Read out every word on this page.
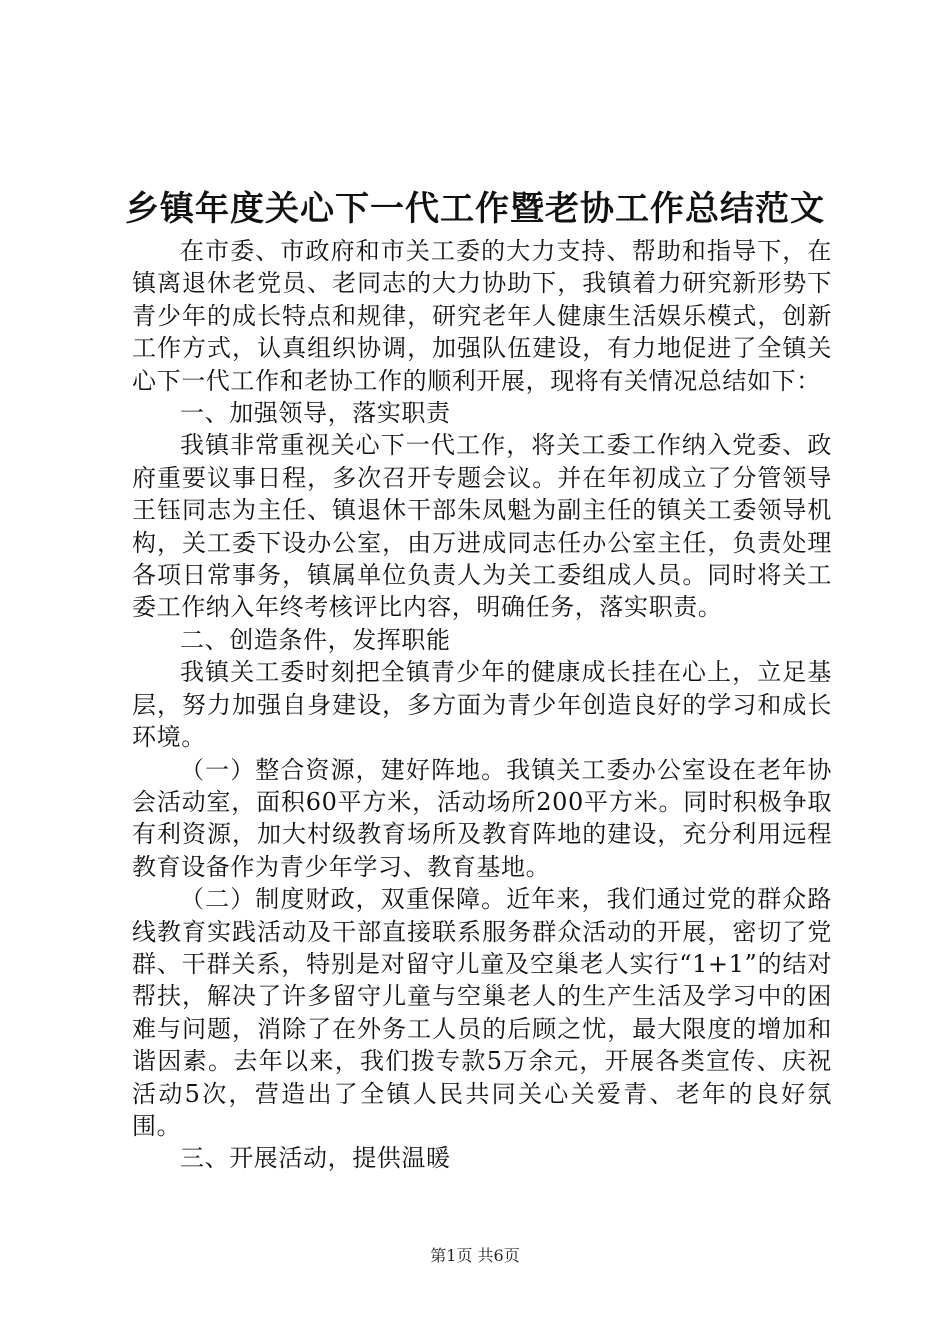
乡镇年度关心下一代工作暨老协工作总结范文

在市委、市政府和市关工委的大力支持、帮助和指导下，在镇离退休老党员、老同志的大力协助下，我镇着力研究新形势下青少年的成长特点和规律，研究老年人健康生活娱乐模式，创新工作方式，认真组织协调，加强队伍建设，有力地促进了全镇关心下一代工作和老协工作的顺利开展，现将有关情况总结如下：

一、加强领导，落实职责

我镇非常重视关心下一代工作，将关工委工作纳入党委、政府重要议事日程，多次召开专题会议。并在年初成立了分管领导王钰同志为主任、镇退休干部朱凤魁为副主任的镇关工委领导机构，关工委下设办公室，由万进成同志任办公室主任，负责处理各项日常事务，镇属单位负责人为关工委组成人员。同时将关工委工作纳入年终考核评比内容，明确任务，落实职责。

二、创造条件，发挥职能

我镇关工委时刻把全镇青少年的健康成长挂在心上，立足基层，努力加强自身建设，多方面为青少年创造良好的学习和成长环境。

（一）整合资源，建好阵地。我镇关工委办公室设在老年协会活动室，面积60平方米，活动场所200平方米。同时积极争取有利资源，加大村级教育场所及教育阵地的建设，充分利用远程教育设备作为青少年学习、教育基地。

（二）制度财政，双重保障。近年来，我们通过党的群众路线教育实践活动及干部直接联系服务群众活动的开展，密切了党群、干群关系，特别是对留守儿童及空巢老人实行“1+1”的结对帮扶，解决了许多留守儿童与空巢老人的生产生活及学习中的困难与问题，消除了在外务工人员的后顾之忧，最大限度的增加和谐因素。去年以来，我们拨专款5万余元，开展各类宣传、庆祝活动5次，营造出了全镇人民共同关心关爱青、老年的良好氛围。

三、开展活动，提供温暖

第1页 共6页
